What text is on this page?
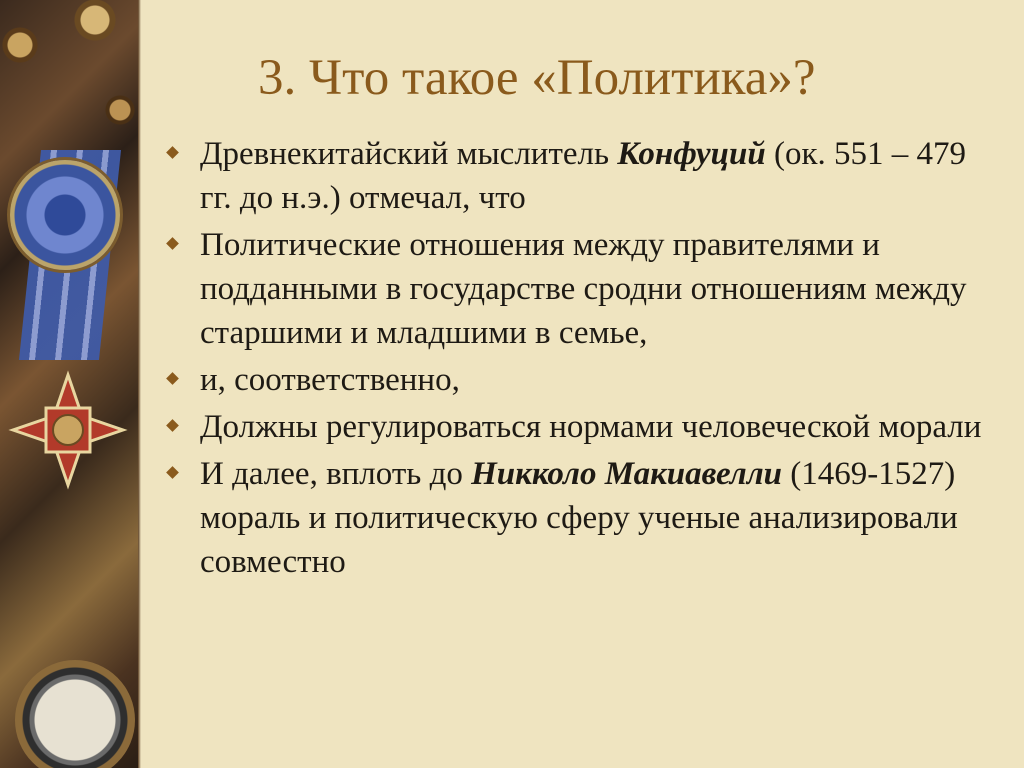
3. Что такое «Политика»?
Древнекитайский мыслитель Конфуций (ок. 551 – 479 гг. до н.э.) отмечал, что
Политические отношения между правителями и подданными в государстве сродни отношениям между старшими и младшими в семье,
и, соответственно,
Должны регулироваться нормами человеческой морали
И далее, вплоть до Никколо Макиавелли (1469-1527) мораль и политическую сферу ученые анализировали совместно
